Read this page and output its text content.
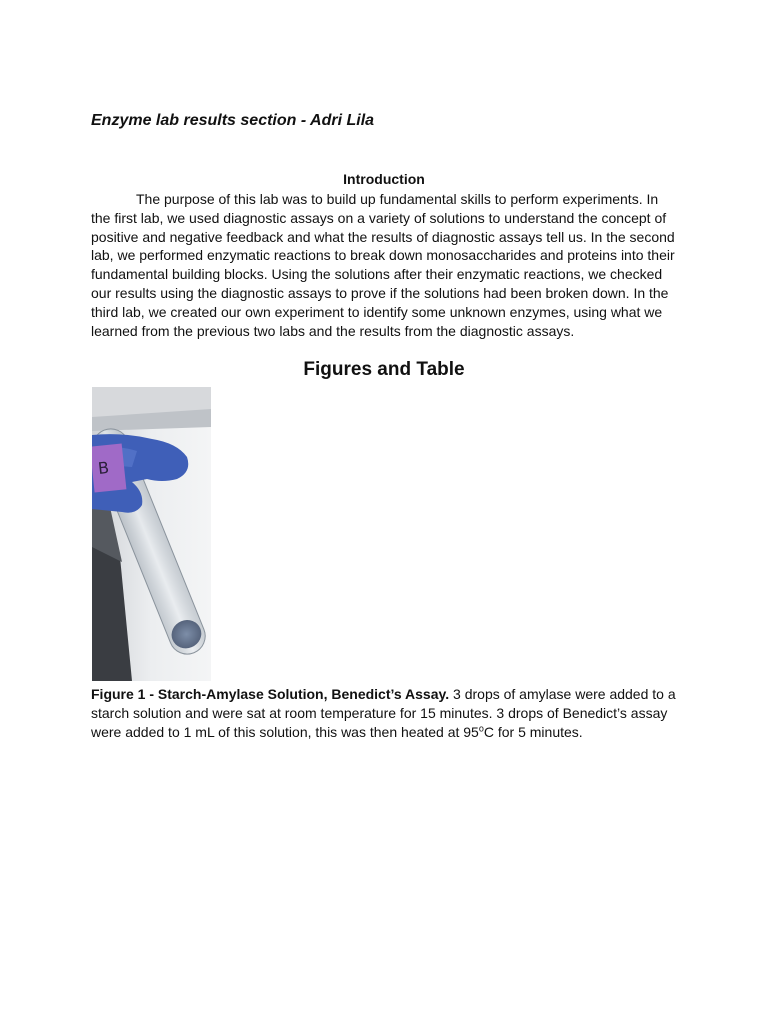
Enzyme lab results section - Adri Lila
Introduction

The purpose of this lab was to build up fundamental skills to perform experiments. In the first lab, we used diagnostic assays on a variety of solutions to understand the concept of positive and negative feedback and what the results of diagnostic assays tell us. In the second lab, we performed enzymatic reactions to break down monosaccharides and proteins into their fundamental building blocks. Using the solutions after their enzymatic reactions, we checked our results using the diagnostic assays to prove if the solutions had been broken down. In the third lab, we created our own experiment to identify some unknown enzymes, using what we learned from the previous two labs and the results from the diagnostic assays.

Figures and Table
B

Figure 1 - Starch-Amylase Solution, Benedict’s Assay. 3 drops of amylase were added to a starch solution and were sat at room temperature for 15 minutes. 3 drops of Benedict’s assay were added to 1 mL of this solution, this was then heated at 95$^o$C for 5 minutes.
